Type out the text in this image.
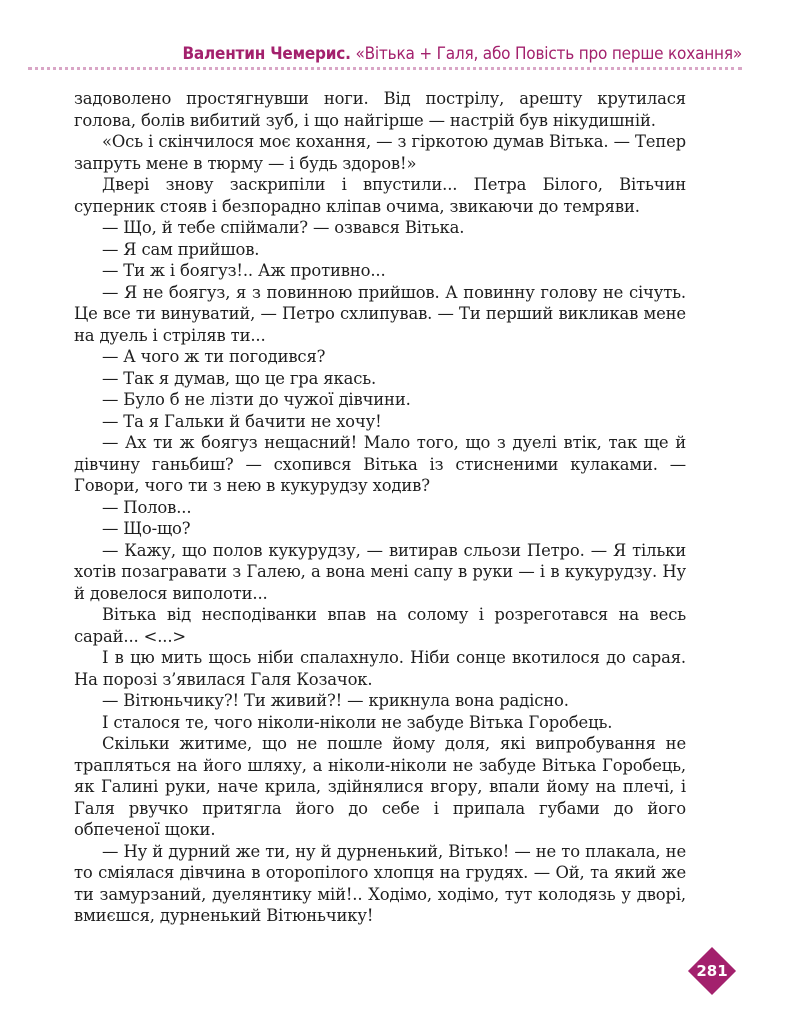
Валентин Чемерис. «Вітька + Галя, або Повість про перше кохання»

задоволено простягнувши ноги. Від пострілу, арешту крутилася голова, болів вибитий зуб, і що найгірше — настрій був нікудишній.

«Ось і скінчилося моє кохання, — з гіркотою думав Вітька. — Тепер запруть мене в тюрму — і будь здоров!»

Двері знову заскрипіли і впустили... Петра Білого, Вітьчин суперник стояв і безпорадно кліпав очима, звикаючи до темряви.

— Що, й тебе спіймали? — озвався Вітька.

— Я сам прийшов.

— Ти ж і боягуз!.. Аж противно...

— Я не боягуз, я з повинною прийшов. А повинну голову не січуть. Це все ти винуватий, — Петро схлипував. — Ти перший викликав мене на дуель і стріляв ти...

— А чого ж ти погодився?

— Так я думав, що це гра якась.

— Було б не лізти до чужої дівчини.

— Та я Гальки й бачити не хочу!

— Ах ти ж боягуз нещасний! Мало того, що з дуелі втік, так ще й дівчину ганьбиш? — схопився Вітька із стисненими кулаками. — Говори, чого ти з нею в кукурудзу ходив?

— Полов...

— Що-що?

— Кажу, що полов кукурудзу, — витирав сльози Петро. — Я тільки хотів позагравати з Галею, а вона мені сапу в руки — і в кукурудзу. Ну й довелося виполоти...

Вітька від несподіванки впав на солому і розреготався на весь сарай... <...>

І в цю мить щось ніби спалахнуло. Ніби сонце вкотилося до сарая. На порозі з’явилася Галя Козачок.

— Вітюньчику?! Ти живий?! — крикнула вона радісно.

І сталося те, чого ніколи-ніколи не забуде Вітька Горобець.

Скільки житиме, що не пошле йому доля, які випробування не трапляться на його шляху, а ніколи-ніколи не забуде Вітька Горобець, як Галині руки, наче крила, здійнялися вгору, впали йому на плечі, і Галя рвучко притягла його до себе і припала губами до його обпеченої щоки.

— Ну й дурний же ти, ну й дурненький, Вітько! — не то плакала, не то сміялася дівчина в оторопілого хлопця на грудях. — Ой, та який же ти замурзаний, дуелянтику мій!.. Ходімо, ходімо, тут колодязь у дворі, вмиєшся, дурненький Вітюньчику!

281
